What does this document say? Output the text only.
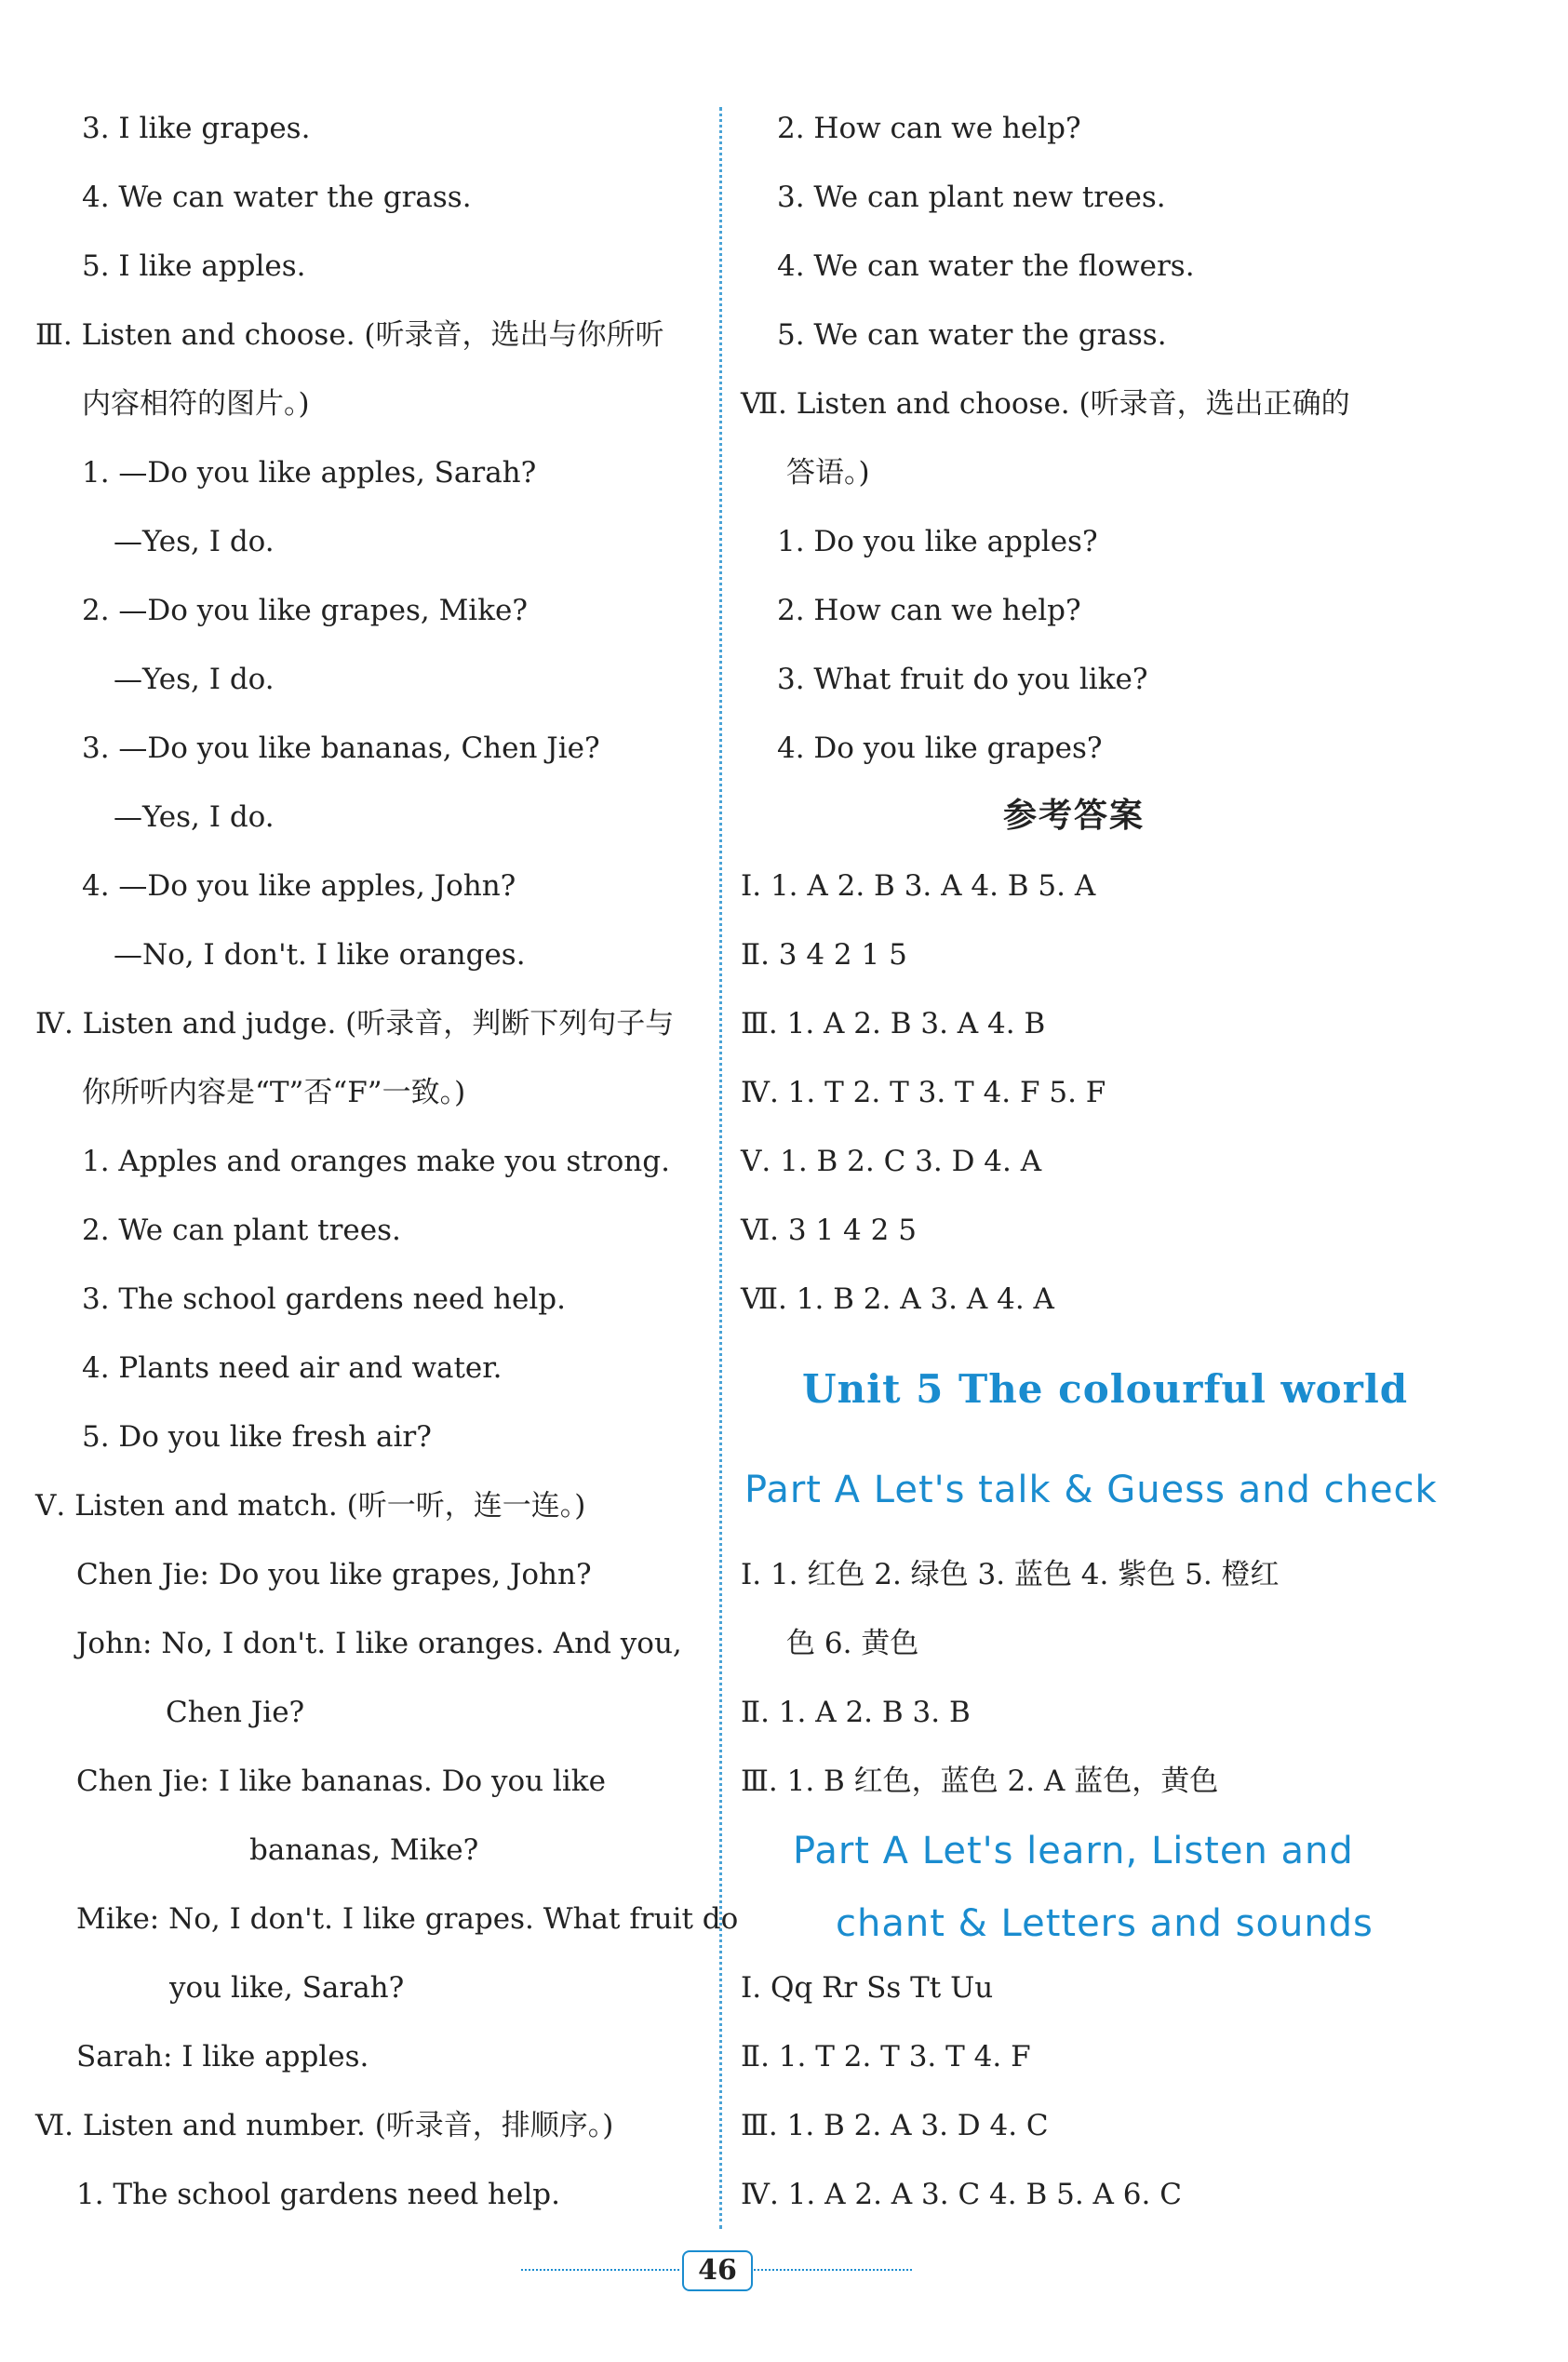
3. I like grapes.
4. We can water the grass.
5. I like apples.
Ⅲ. Listen and choose. (听录音，选出与你所听
内容相符的图片。)
1. —Do you like apples, Sarah?
—Yes, I do.
2. —Do you like grapes, Mike?
—Yes, I do.
3. —Do you like bananas, Chen Jie?
—Yes, I do.
4. —Do you like apples, John?
—No, I don't. I like oranges.
Ⅳ. Listen and judge. (听录音，判断下列句子与
你所听内容是“T”否“F”一致。)
1. Apples and oranges make you strong.
2. We can plant trees.
3. The school gardens need help.
4. Plants need air and water.
5. Do you like fresh air?
Ⅴ. Listen and match. (听一听，连一连。)
Chen Jie: Do you like grapes, John?
John: No, I don't. I like oranges. And you,
Chen Jie?
Chen Jie: I like bananas. Do you like
bananas, Mike?
Mike: No, I don't. I like grapes. What fruit do
you like, Sarah?
Sarah: I like apples.
Ⅵ. Listen and number. (听录音，排顺序。)
1. The school gardens need help.
参考答案
Unit 5 The colourful world
Part A Let's talk & Guess and check
Part A Let's learn, Listen and
chant & Letters and sounds
2. How can we help?
3. We can plant new trees.
4. We can water the flowers.
5. We can water the grass.
Ⅶ. Listen and choose. (听录音，选出正确的
答语。)
1. Do you like apples?
2. How can we help?
3. What fruit do you like?
4. Do you like grapes?
Ⅰ. 1. A 2. B 3. A 4. B 5. A
Ⅱ. 3 4 2 1 5
Ⅲ. 1. A 2. B 3. A 4. B
Ⅳ. 1. T 2. T 3. T 4. F 5. F
Ⅴ. 1. B 2. C 3. D 4. A
Ⅵ. 3 1 4 2 5
Ⅶ. 1. B 2. A 3. A 4. A
Ⅰ. 1. 红色 2. 绿色 3. 蓝色 4. 紫色 5. 橙红
色 6. 黄色
Ⅱ. 1. A 2. B 3. B
Ⅲ. 1. B 红色，蓝色 2. A 蓝色，黄色
Ⅰ. Qq Rr Ss Tt Uu
Ⅱ. 1. T 2. T 3. T 4. F
Ⅲ. 1. B 2. A 3. D 4. C
Ⅳ. 1. A 2. A 3. C 4. B 5. A 6. C
46
